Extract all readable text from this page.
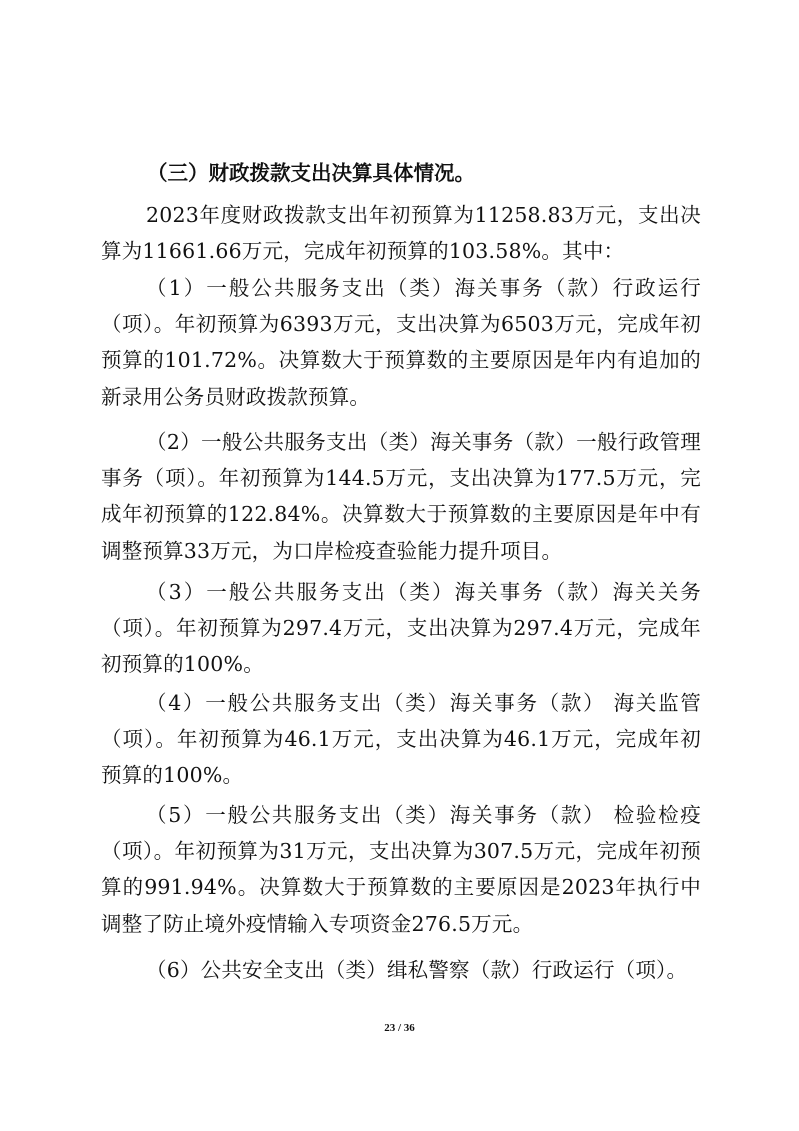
（三）财政拨款支出决算具体情况。

2023年度财政拨款支出年初预算为11258.83万元，支出决算为11661.66万元，完成年初预算的103.58%。其中：

（1）一般公共服务支出（类）海关事务（款）行政运行（项）。年初预算为6393万元，支出决算为6503万元，完成年初预算的101.72%。决算数大于预算数的主要原因是年内有追加的新录用公务员财政拨款预算。

（2）一般公共服务支出（类）海关事务（款）一般行政管理事务（项）。年初预算为144.5万元，支出决算为177.5万元，完成年初预算的122.84%。决算数大于预算数的主要原因是年中有调整预算33万元，为口岸检疫查验能力提升项目。

（3）一般公共服务支出（类）海关事务（款）海关关务（项）。年初预算为297.4万元，支出决算为297.4万元，完成年初预算的100%。

（4）一般公共服务支出（类）海关事务（款） 海关监管（项）。年初预算为46.1万元，支出决算为46.1万元，完成年初预算的100%。

（5）一般公共服务支出（类）海关事务（款） 检验检疫（项）。年初预算为31万元，支出决算为307.5万元，完成年初预算的991.94%。决算数大于预算数的主要原因是2023年执行中调整了防止境外疫情输入专项资金276.5万元。

（6）公共安全支出（类）缉私警察（款）行政运行（项）。

23 / 36
